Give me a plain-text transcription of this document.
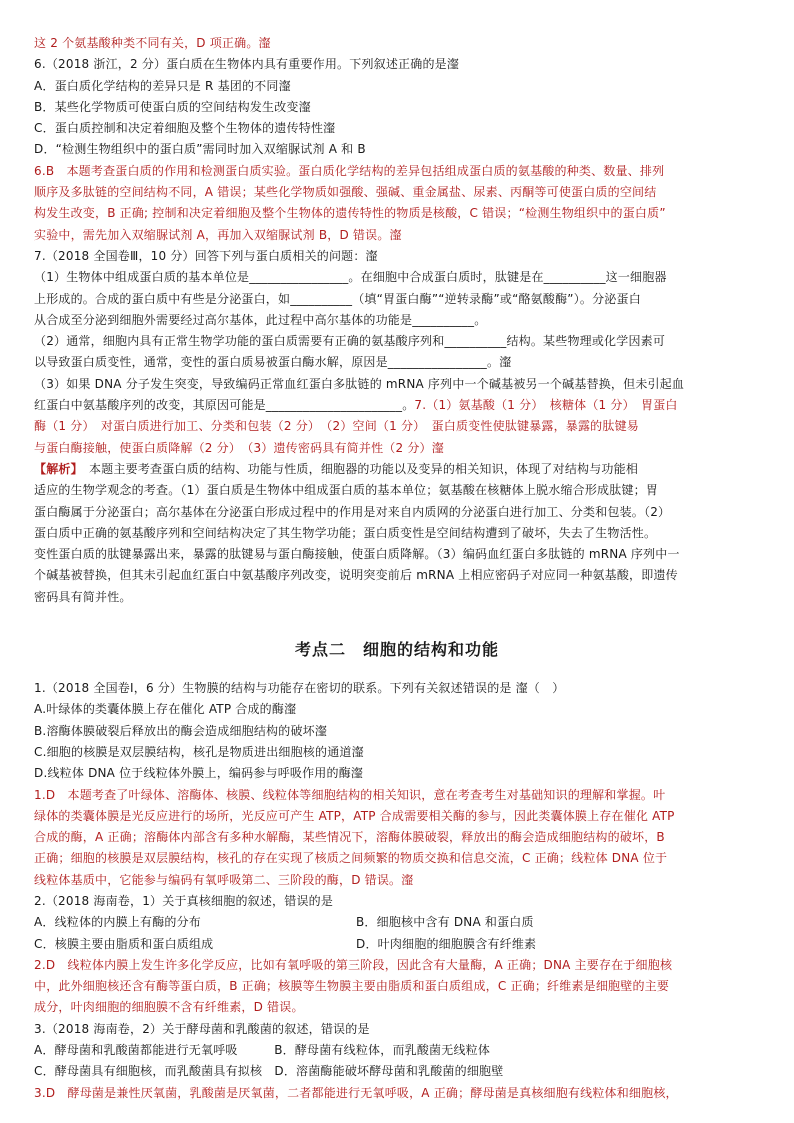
这 2 个氨基酸种类不同有关，D 项正确。瀣
6.（2018 浙江，2 分）蛋白质在生物体内具有重要作用。下列叙述正确的是瀣
A．蛋白质化学结构的差异只是 R 基团的不同瀣
B．某些化学物质可使蛋白质的空间结构发生改变瀣
C．蛋白质控制和决定着细胞及整个生物体的遗传特性瀣
D．“检测生物组织中的蛋白质”需同时加入双缩脲试剂 A 和 B
6.B　本题考查蛋白质的作用和检测蛋白质实验。蛋白质化学结构的差异包括组成蛋白质的氨基酸的种类、数量、排列
顺序及多肽链的空间结构不同，A 错误；某些化学物质如强酸、强碱、重金属盐、尿素、丙酮等可使蛋白质的空间结
构发生改变，B 正确; 控制和决定着细胞及整个生物体的遗传特性的物质是核酸，C 错误；“检测生物组织中的蛋白质”
实验中，需先加入双缩脲试剂 A，再加入双缩脲试剂 B，D 错误。瀣
7.（2018 全国卷Ⅲ，10 分）回答下列与蛋白质相关的问题：瀣
（1）生物体中组成蛋白质的基本单位是________________。在细胞中合成蛋白质时，肽键是在__________这一细胞器
上形成的。合成的蛋白质中有些是分泌蛋白，如__________（填“胃蛋白酶”“逆转录酶”或“酪氨酸酶”）。分泌蛋白
从合成至分泌到细胞外需要经过高尔基体，此过程中高尔基体的功能是__________。
（2）通常，细胞内具有正常生物学功能的蛋白质需要有正确的氨基酸序列和__________结构。某些物理或化学因素可
以导致蛋白质变性，通常，变性的蛋白质易被蛋白酶水解，原因是________________。瀣
（3）如果 DNA 分子发生突变，导致编码正常血红蛋白多肽链的 mRNA 序列中一个碱基被另一个碱基替换，但未引起血
红蛋白中氨基酸序列的改变，其原因可能是______________________。7.（1）氨基酸（1 分）　核糖体（1 分）　胃蛋白
酶（1 分）　对蛋白质进行加工、分类和包装（2 分）　（2）空间（1 分）　蛋白质变性使肽键暴露，暴露的肽键易
与蛋白酶接触，使蛋白质降解（2 分）　（3）遗传密码具有简并性（2 分）瀣
【解析】　本题主要考查蛋白质的结构、功能与性质，细胞器的功能以及变异的相关知识，体现了对结构与功能相
适应的生物学观念的考查。（1）蛋白质是生物体中组成蛋白质的基本单位；氨基酸在核糖体上脱水缩合形成肽键；胃
蛋白酶属于分泌蛋白；高尔基体在分泌蛋白形成过程中的作用是对来自内质网的分泌蛋白进行加工、分类和包装。（2）
蛋白质中正确的氨基酸序列和空间结构决定了其生物学功能；蛋白质变性是空间结构遭到了破坏，失去了生物活性。
变性蛋白质的肽键暴露出来，暴露的肽键易与蛋白酶接触，使蛋白质降解。（3）编码血红蛋白多肽链的 mRNA 序列中一
个碱基被替换，但其未引起血红蛋白中氨基酸序列改变，说明突变前后 mRNA 上相应密码子对应同一种氨基酸，即遗传
密码具有简并性。
考点二　细胞的结构和功能
1.（2018 全国卷Ⅰ，6 分）生物膜的结构与功能存在密切的联系。下列有关叙述错误的是 瀣（　）
A.叶绿体的类囊体膜上存在催化 ATP 合成的酶瀣
B.溶酶体膜破裂后释放出的酶会造成细胞结构的破坏瀣
C.细胞的核膜是双层膜结构，核孔是物质进出细胞核的通道瀣
D.线粒体 DNA 位于线粒体外膜上，编码参与呼吸作用的酶瀣
1.D　本题考查了叶绿体、溶酶体、核膜、线粒体等细胞结构的相关知识，意在考查考生对基础知识的理解和掌握。叶
绿体的类囊体膜是光反应进行的场所，光反应可产生 ATP，ATP 合成需要相关酶的参与，因此类囊体膜上存在催化 ATP
合成的酶，A 正确；溶酶体内部含有多种水解酶，某些情况下，溶酶体膜破裂，释放出的酶会造成细胞结构的破坏，B
正确；细胞的核膜是双层膜结构，核孔的存在实现了核质之间频繁的物质交换和信息交流，C 正确；线粒体 DNA 位于
线粒体基质中，它能参与编码有氧呼吸第二、三阶段的酶，D 错误。瀣
2.（2018 海南卷，1）关于真核细胞的叙述，错误的是
A．线粒体的内膜上有酶的分布	B．细胞核中含有 DNA 和蛋白质
C．核膜主要由脂质和蛋白质组成	D．叶肉细胞的细胞膜含有纤维素
2.D　线粒体内膜上发生许多化学反应，比如有氧呼吸的第三阶段，因此含有大量酶，A 正确；DNA 主要存在于细胞核
中，此外细胞核还含有酶等蛋白质，B 正确；核膜等生物膜主要由脂质和蛋白质组成，C 正确；纤维素是细胞壁的主要
成分，叶肉细胞的细胞膜不含有纤维素，D 错误。
3.（2018 海南卷，2）关于酵母菌和乳酸菌的叙述，错误的是
A．酵母菌和乳酸菌都能进行无氧呼吸　　　B．酵母菌有线粒体，而乳酸菌无线粒体
C．酵母菌具有细胞核，而乳酸菌具有拟核　D．溶菌酶能破坏酵母菌和乳酸菌的细胞壁
3.D　酵母菌是兼性厌氧菌，乳酸菌是厌氧菌，二者都能进行无氧呼吸，A 正确；酵母菌是真核细胞有线粒体和细胞核，
